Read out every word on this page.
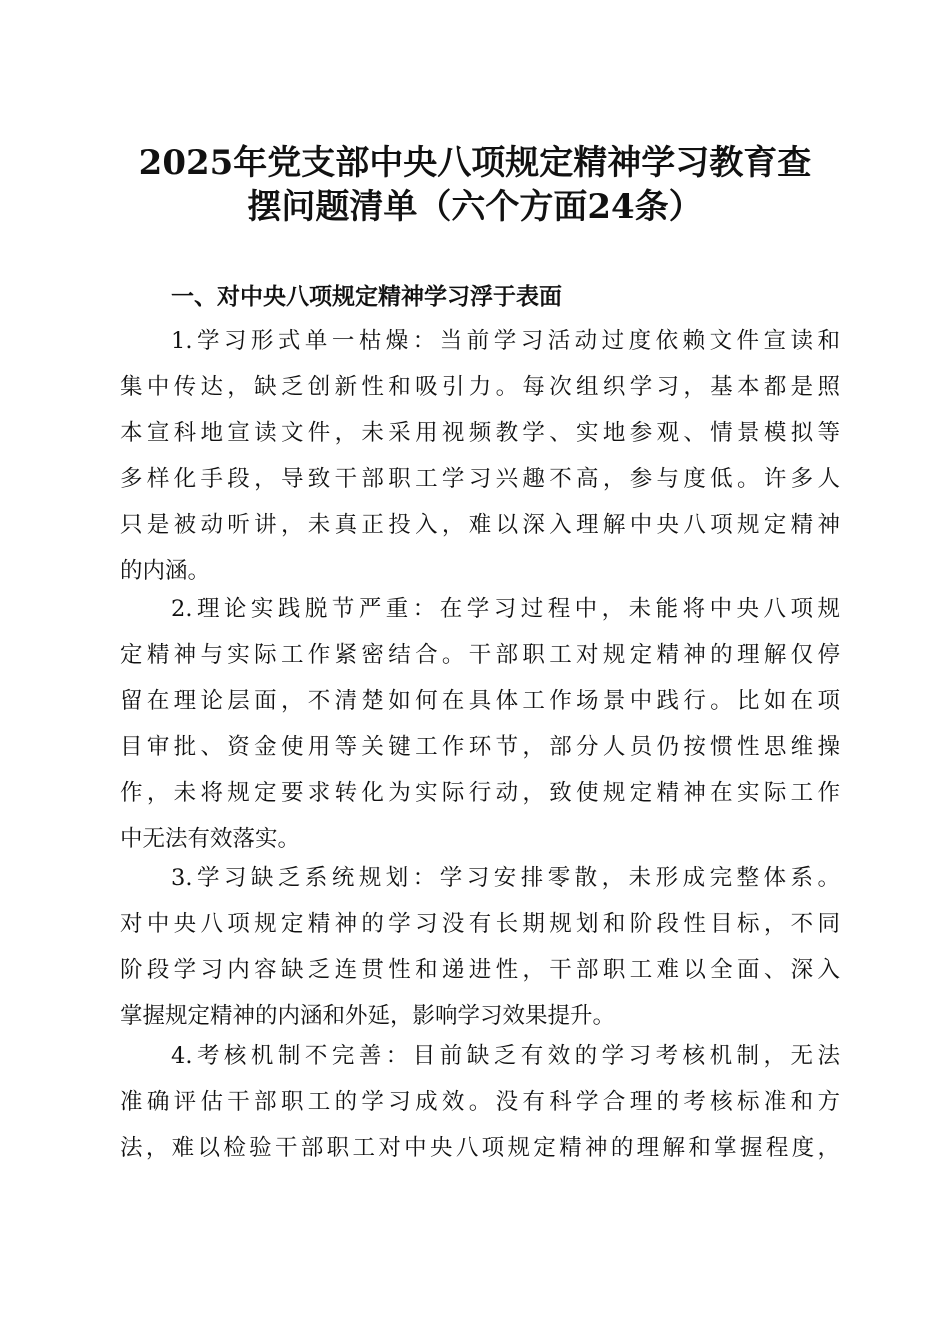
2025年党支部中央八项规定精神学习教育查
摆问题清单（六个方面24条）
一、对中央八项规定精神学习浮于表面
1.学习形式单一枯燥：当前学习活动过度依赖文件宣读和
集中传达，缺乏创新性和吸引力。每次组织学习，基本都是照
本宣科地宣读文件，未采用视频教学、实地参观、情景模拟等
多样化手段，导致干部职工学习兴趣不高，参与度低。许多人
只是被动听讲，未真正投入，难以深入理解中央八项规定精神
的内涵。
2.理论实践脱节严重：在学习过程中，未能将中央八项规
定精神与实际工作紧密结合。干部职工对规定精神的理解仅停
留在理论层面，不清楚如何在具体工作场景中践行。比如在项
目审批、资金使用等关键工作环节，部分人员仍按惯性思维操
作，未将规定要求转化为实际行动，致使规定精神在实际工作
中无法有效落实。
3.学习缺乏系统规划：学习安排零散，未形成完整体系。
对中央八项规定精神的学习没有长期规划和阶段性目标，不同
阶段学习内容缺乏连贯性和递进性，干部职工难以全面、深入
掌握规定精神的内涵和外延，影响学习效果提升。
4.考核机制不完善：目前缺乏有效的学习考核机制，无法
准确评估干部职工的学习成效。没有科学合理的考核标准和方
法，难以检验干部职工对中央八项规定精神的理解和掌握程度，
